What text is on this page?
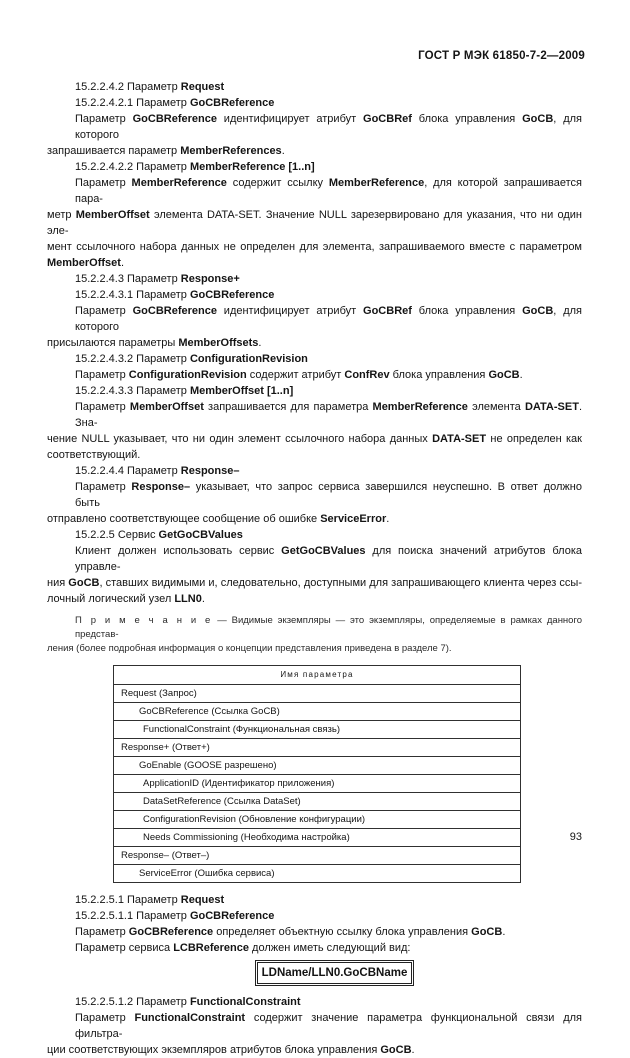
ГОСТ Р МЭК 61850-7-2—2009

15.2.2.4.2 Параметр Request

15.2.2.4.2.1 Параметр GoCBReference

Параметр GoCBReference идентифицирует атрибут GoCBRef блока управления GoCB, для которого

запрашивается параметр MemberReferences.

15.2.2.4.2.2 Параметр MemberReference [1..n]

Параметр MemberReference содержит ссылку MemberReference, для которой запрашивается пара-

метр MemberOffset элемента DATA-SET. Значение NULL зарезервировано для указания, что ни один эле-

мент ссылочного набора данных не определен для элемента, запрашиваемого вместе с параметром

MemberOffset.

15.2.2.4.3 Параметр Response+

15.2.2.4.3.1 Параметр GoCBReference

Параметр GoCBReference идентифицирует атрибут GoCBRef блока управления GoCB, для которого

присылаются параметры MemberOffsets.

15.2.2.4.3.2 Параметр ConfigurationRevision

Параметр ConfigurationRevision содержит атрибут ConfRev блока управления GoCB.

15.2.2.4.3.3 Параметр MemberOffset [1..n]

Параметр MemberOffset запрашивается для параметра MemberReference элемента DATA-SET. Зна-

чение NULL указывает, что ни один элемент ссылочного набора данных DATA-SET не определен как

соответствующий.

15.2.2.4.4 Параметр Response–

Параметр Response– указывает, что запрос сервиса завершился неуспешно. В ответ должно быть

отправлено соответствующее сообщение об ошибке ServiceError.

15.2.2.5 Сервис GetGoCBValues

Клиент должен использовать сервис GetGoCBValues для поиска значений атрибутов блока управле-

ния GoCB, ставших видимыми и, следовательно, доступными для запрашивающего клиента через ссы-

лочный логический узел LLN0.

П р и м е ч а н и е — Видимые экземпляры — это экземпляры, определяемые в рамках данного представ-

ления (более подробная информация о концепции представления приведена в разделе 7).

Имя параметра
Request (Запрос)
GoCBReference (Ссылка GoCB)
FunctionalConstraint (Функциональная связь)
Response+ (Ответ+)
GoEnable (GOOSE разрешено)
ApplicationID (Идентификатор приложения)
DataSetReference (Ссылка DataSet)
ConfigurationRevision (Обновление конфигурации)
Needs Commissioning (Необходима настройка)
Response– (Ответ–)
ServiceError (Ошибка сервиса)

15.2.2.5.1 Параметр Request

15.2.2.5.1.1 Параметр GoCBReference

Параметр GoCBReference определяет объектную ссылку блока управления GoCB.

Параметр сервиса LCBReference должен иметь следующий вид:

LDName/LLN0.GoCBName

15.2.2.5.1.2 Параметр FunctionalConstraint

Параметр FunctionalConstraint содержит значение параметра функциональной связи для фильтра-

ции соответствующих экземпляров атрибутов блока управления GoCB.

93
